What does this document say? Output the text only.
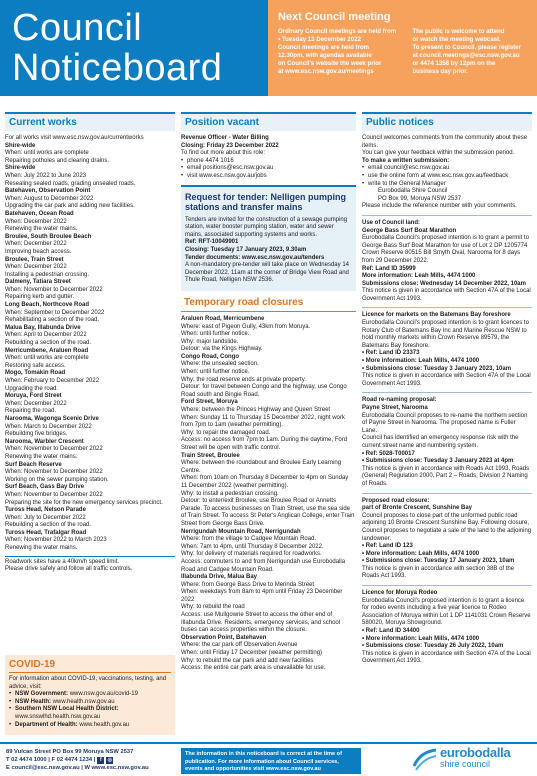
Council
Noticeboard
Next Council meeting
Ordinary Council meetings are held from
• Tuesday 13 December 2022
Council meetings are held from
12.30pm, with agendas available
on Council's website the week prior
at www.esc.nsw.gov.au/meetings
The public is welcome to attend
or watch the meeting webcast.
To present to Council, please register
at council.meetings@esc.nsw.gov.au
or 4474 1358 by 12pm on the
business day prior.
Current works
For all works visit www.esc.nsw.gov.au/currentworks
Shire-wide
When: until works are complete
Repairing potholes and clearing drains.
Shire-wide
When: July 2022 to June 2023
Resealing sealed roads, grading unsealed roads.
Batehaven, Observation Point
When: August to December 2022
Upgrading the car park and adding new facilities.
Batehaven, Ocean Road
When: December 2022
Renewing the water mains.
Broulee, South Broulee Beach
When: December 2022
Improving beach access.
Broulee, Train Street
When: December 2022
Installing a pedestrian crossing.
Dalmeny, Tatiara Street
When: November to December 2022
Repairing kerb and gutter.
Long Beach, Northcove Road
When: September to December 2022
Rehabilitating a section of the road.
Malua Bay, Illabunda Drive
When: April to December 2022
Rebuilding a section of the road.
Merricumbene, Araluen Road
When: until works are complete
Restoring safe access.
Mogo, Tomakin Road
When: February to December 2022
Upgrading the road.
Moruya, Ford Street
When: December 2022
Repairing the road.
Narooma, Wagonga Scenic Drive
When: March to December 2022
Rebuilding five bridges.
Narooma, Warbler Crescent
When: November to December 2022
Renewing the water mains.
Surf Beach Reserve
When: November to December 2022
Working on the sewer pumping station.
Surf Beach, Gass Bay Drive
When: November to December 2022
Preparing the site for the new emergency services precinct.
Tuross Head, Nelson Parade
When: July to December 2022
Rebuilding a section of the road.
Tuross Head, Trafalgar Road
When: November 2022 to March 2023
Renewing the water mains.
Roadwork sites have a 40km/h speed limit.
Please drive safely and follow all traffic controls.
COVID-19
For information about COVID-19, vaccinations, testing, and advice, visit:
• NSW Government: www.nsw.gov.au/covid-19
• NSW Health: www.health.nsw.gov.au
• Southern NSW Local Health District: www.snswlhd.health.nsw.gov.au
• Department of Health: www.health.gov.au
Position vacant
Revenue Officer - Water Billing
Closing: Friday 23 December 2022
To find out more about this role:
• phone 4474 1016
• email positions@esc.nsw.gov.au
• visit www.esc.nsw.gov.au/jobs
Request for tender: Nelligen pumping stations and transfer mains
Tenders are invited for the construction of a sewage pumping station, water booster pumping station, water and sewer mains, associated supporting systems and works.
Ref: RFT-10049901
Closing: Tuesday 17 January 2023, 9.30am
Tender documents: www.esc.nsw.gov.au/tenders
A non-mandatory pre-tender will take place on Wednesday 14 December 2022, 11am at the corner of Bridge View Road and Thule Road, Nelligen NSW 2536.
Temporary road closures
Araluen Road, Merricumbene
Where: east of Pigeon Gully, 43km from Moruya.
When: until further notice.
Why: major landslide.
Detour: via the Kings Highway.
Congo Road, Congo
Where: the unsealed section.
When: until further notice.
Why: the road reserve ends at private property.
Detour: for travel between Congo and the highway, use Congo Road south and Bingie Road.
Ford Street, Moruya
Where: between the Princes Highway and Queen Street
When: Sunday 11 to Thursday 15 December 2022, night work from 7pm to 1am (weather permitting).
Why: to repair the damaged road.
Access: no access from 7pm to 1am. During the daytime, Ford Street will be open with traffic control.
Train Street, Broulee
Where: between the roundabout and Broulee Early Learning Centre.
When: from 10am on Thursday 8 December to 4pm on Sunday 11 December 2022 (weather permitting).
Why: to install a pedestrian crossing.
Detour: to enter/exit Broulee, use Broulee Road or Annetts Parade. To access businesses on Train Street, use the sea side of Train Street. To access St Peter's Anglican College, enter Train Street from George Bass Drive.
Nerrigundah Mountain Road, Nerrigundah
Where: from the village to Cadgee Mountain Road.
When: 7am to 4pm, until Thursday 8 December 2022.
Why: for delivery of materials required for roadworks.
Access: commuters to and from Nerrigundah use Eurobodalla Road and Cadgee Mountain Road.
Illabunda Drive, Malua Bay
Where: from George Bass Drive to Merinda Street
When: weekdays from 8am to 4pm until Friday 23 December 2022
Why: to rebuild the road
Access: use Mullgowrie Street to access the other end of Illabunda Drive. Residents, emergency services, and school buses can access properties within the closure.
Observation Point, Batehaven
Where: the car park off Observation Avenue
When: until Friday 17 December (weather permitting)
Why: to rebuild the car park and add new facilities
Access: the entire car park area is unavailable for use.
Public notices
Council welcomes comments from the community about these items.
You can give your feedback within the submission period.
To make a written submission:
• email council@esc.nsw.gov.au
• use the online form at www.esc.nsw.gov.au/feedback
• write to the General Manager
Eurobodalla Shire Council
PO Box 99, Moruya NSW 2537
Please include the reference number with your comments.
Use of Council land:
George Bass Surf Boat Marathon
Eurobodalla Council's proposed intention is to grant a permit to George Bass Surf Boat Marathon for use of Lot 2 DP 1205774 Crown Reserve 80515 Bill Smyth Oval, Narooma for 8 days from 29 December 2022.
Ref: Land ID 35999
More information: Leah Mills, 4474 1000
Submissions close: Wednesday 14 December 2022, 10am
This notice is given in accordance with Section 47A of the Local Government Act 1993.
Licence for markets on the Batemans Bay foreshore
Eurobodalla Council's proposed intention is to grant licences to Rotary Club of Batemans Bay Inc and Marine Rescue NSW to hold monthly markets within Crown Reserve 89579, the Batemans Bay foreshore.
• Ref: Land ID 23373
• More information: Leah Mills, 4474 1000
• Submissions close: Tuesday 3 January 2023, 10am
This notice is given in accordance with Section 47A of the Local Government Act 1993.
Road re-naming proposal:
Payne Street, Narooma
Eurobodalla Council proposes to re-name the northern section of Payne Street in Narooma. The proposed name is Fuller Lane.
Council has identified an emergency response risk with the current street name and numbering system.
• Ref: 5028-T00017
• Submissions close: Tuesday 3 January 2023 at 4pm
This notice is given in accordance with Roads Act 1993, Roads (General) Regulation 2000, Part 2 – Roads, Division 2 Naming of Roads.
Proposed road closure:
part of Bronte Crescent, Sunshine Bay
Council proposes to close part of the unformed public road adjoining 10 Bronte Crescent Sunshine Bay. Following closure, Council proposes to negotiate a sale of the land to the adjoining landowner.
• Ref: Land ID 123
• More information: Leah Mills, 4474 1000
• Submissions close: Tuesday 17 January 2023, 10am
This notice is given in accordance with section 38B of the Roads Act 1993.
Licence for Moruya Rodeo
Eurobodalla Council's proposed intention is to grant a licence for rodeo events including a five year licence to Rodeo Association of Moruya within Lot 1 DP 1141031 Crown Reserve 580020, Moruya Showground.
• Ref: Land ID 34400
• More information: Leah Mills, 4474 1000
• Submissions close: Tuesday 26 July 2022, 10am
This notice is given in accordance with Section 47A of the Local Government Act 1993.
89 Vulcan Street PO Box 99 Moruya NSW 2537
T 02 4474 1000 | F 02 4474 1234 | f ◎
E council@esc.nsw.gov.au | W www.esc.nsw.gov.au
The information in this noticeboard is correct at the time of publication. For more information about Council services, events and opportunities visit www.esc.nsw.gov.au
eurobodalla
shire council
